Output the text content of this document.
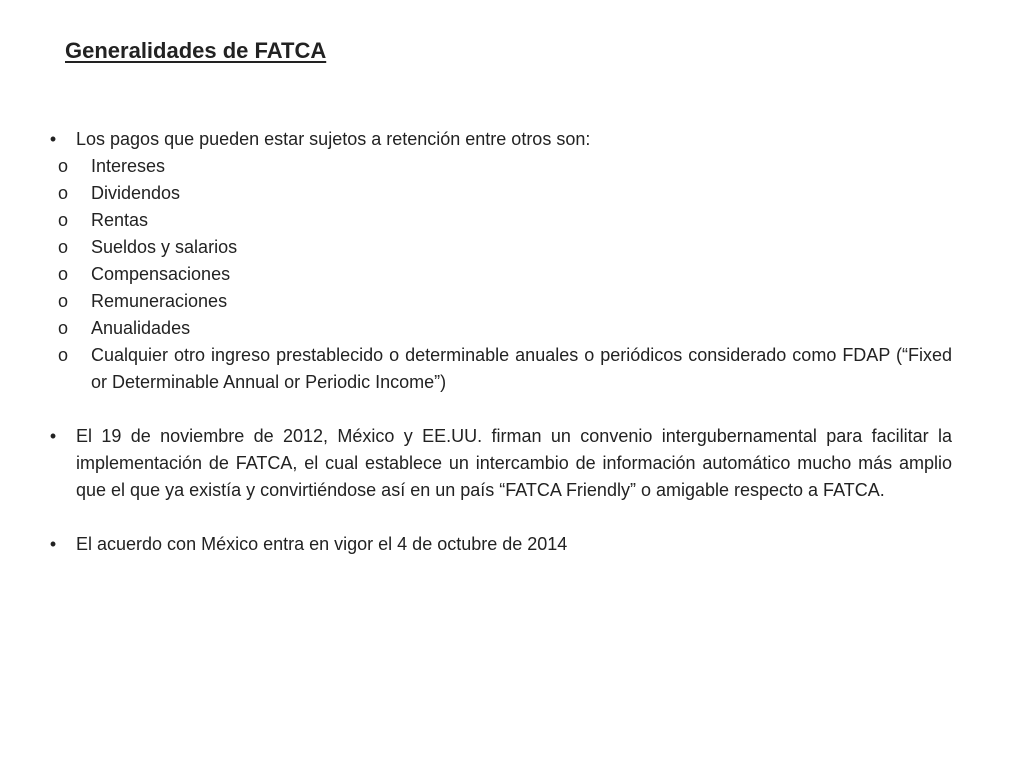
Generalidades de FATCA
• Los pagos que pueden estar sujetos a retención entre otros son:
o Intereses
o Dividendos
o Rentas
o Sueldos y salarios
o Compensaciones
o Remuneraciones
o Anualidades
o Cualquier otro ingreso prestablecido o determinable anuales o periódicos considerado como FDAP (“Fixed or Determinable Annual or Periodic Income”)
• El 19 de noviembre de 2012, México y EE.UU. firman un convenio intergubernamental para facilitar la implementación de FATCA, el cual establece un intercambio de información automático mucho más amplio que el que ya existía y convirtiéndose así en un país “FATCA Friendly” o amigable respecto a FATCA.
• El acuerdo con México entra en vigor el 4 de octubre de 2014
